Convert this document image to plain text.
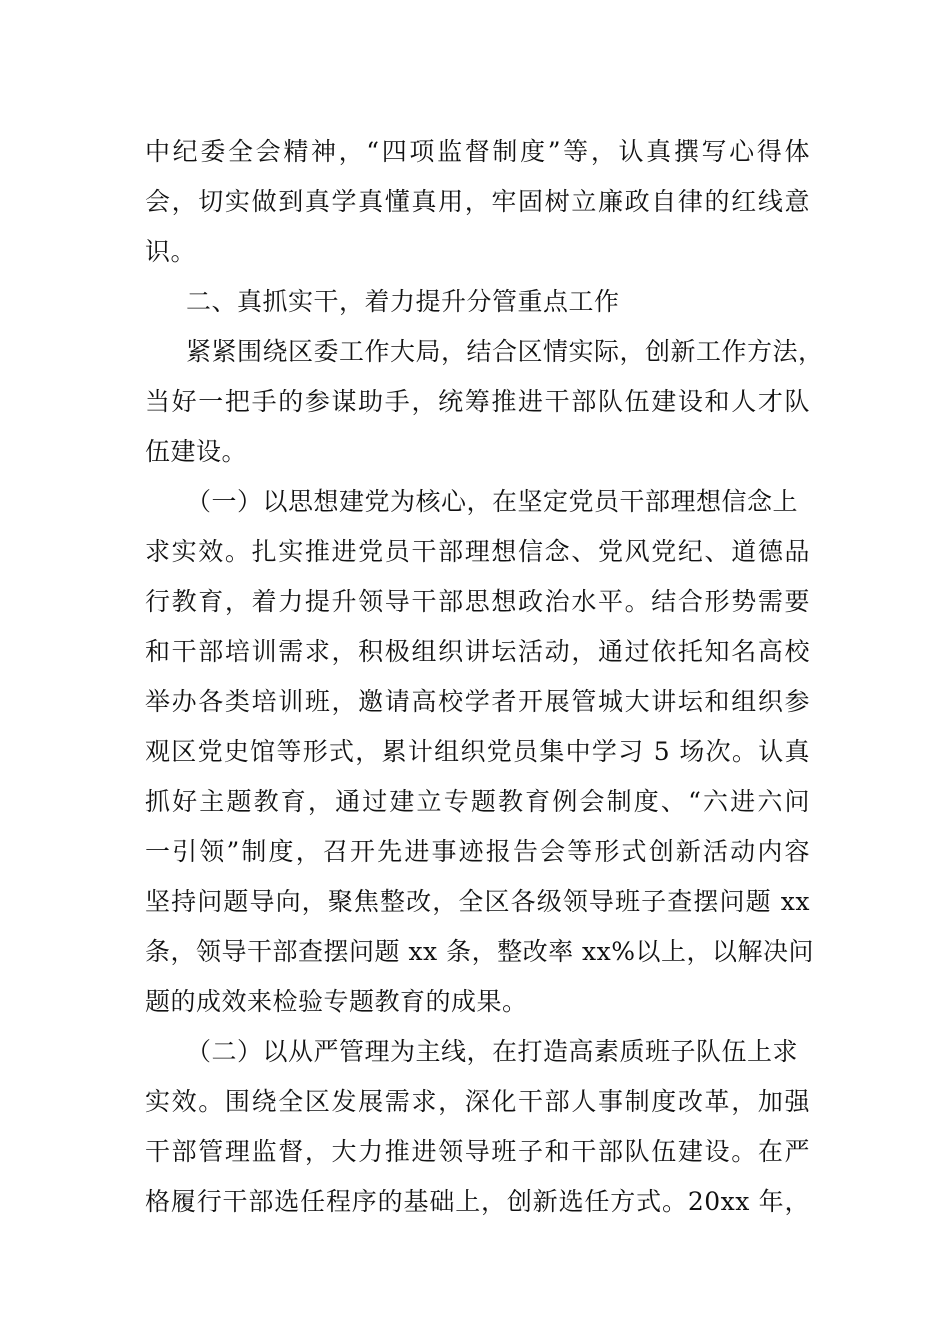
中纪委全会精神，“四项监督制度”等，认真撰写心得体
会，切实做到真学真懂真用，牢固树立廉政自律的红线意
识。
二、真抓实干，着力提升分管重点工作
紧紧围绕区委工作大局，结合区情实际，创新工作方法，
当好一把手的参谋助手，统筹推进干部队伍建设和人才队
伍建设。
（一）以思想建党为核心，在坚定党员干部理想信念上
求实效。扎实推进党员干部理想信念、党风党纪、道德品
行教育，着力提升领导干部思想政治水平。结合形势需要
和干部培训需求，积极组织讲坛活动，通过依托知名高校
举办各类培训班，邀请高校学者开展管城大讲坛和组织参
观区党史馆等形式，累计组织党员集中学习 5 场次。认真
抓好主题教育，通过建立专题教育例会制度、“六进六问
一引领”制度，召开先进事迹报告会等形式创新活动内容
坚持问题导向，聚焦整改，全区各级领导班子查摆问题 xx
条，领导干部查摆问题 xx 条，整改率 xx%以上，以解决问
题的成效来检验专题教育的成果。
（二）以从严管理为主线，在打造高素质班子队伍上求
实效。围绕全区发展需求，深化干部人事制度改革，加强
干部管理监督，大力推进领导班子和干部队伍建设。在严
格履行干部选任程序的基础上，创新选任方式。20xx 年，
